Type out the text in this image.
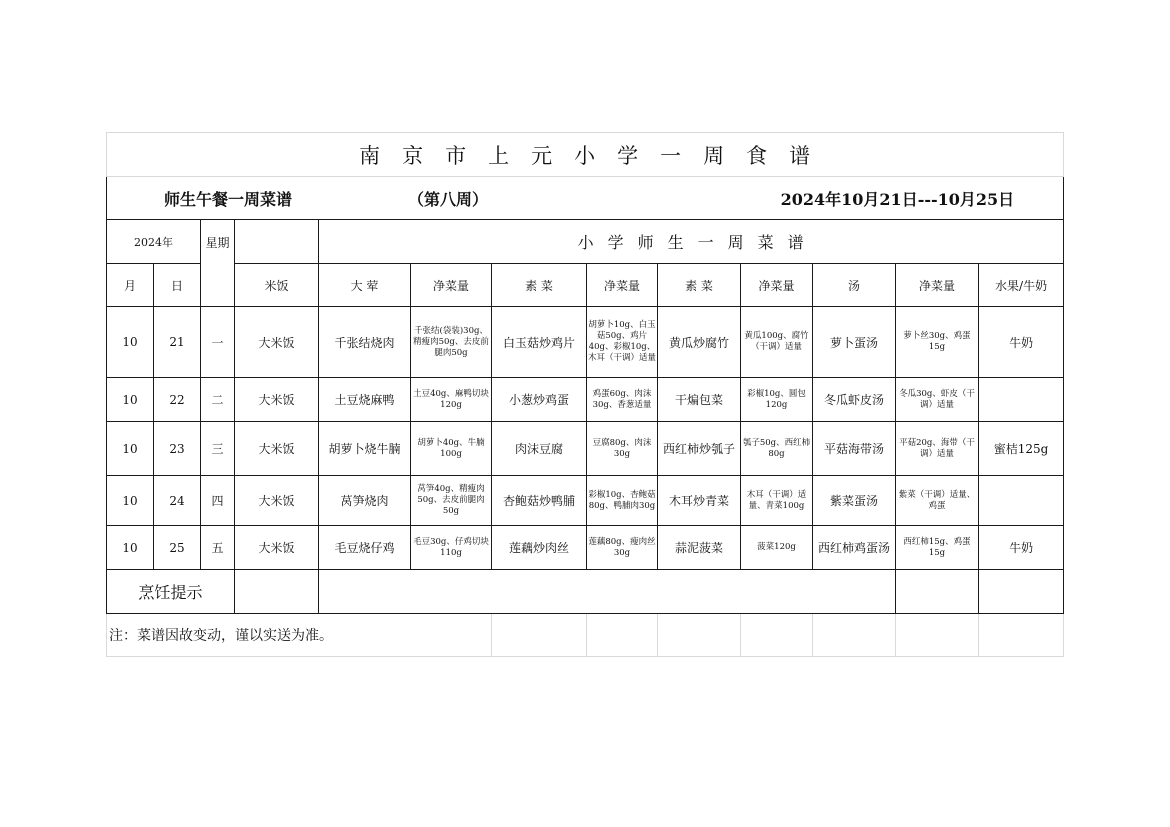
南京市上元小学一周食谱												

师生午餐一周菜谱 （第八周） 2024年10月21日---10月25日												

2024年		星期		小学师生一周菜谱								
月	日		米饭	大 荤	净菜量	素 菜	净菜量	素 菜	净菜量	汤	净菜量	水果/牛奶
10	21	一	大米饭	千张结烧肉	千张结(袋装)30g、精瘦肉50g、去皮前腿肉50g	白玉菇炒鸡片	胡萝卜10g、白玉菇50g、鸡片40g、彩椒10g、木耳（干调）适量	黄瓜炒腐竹	黄瓜100g、腐竹（干调）适量	萝卜蛋汤	萝卜丝30g、鸡蛋15g	牛奶
10	22	二	大米饭	土豆烧麻鸭	土豆40g、麻鸭切块120g	小葱炒鸡蛋	鸡蛋60g、肉沫30g、香葱适量	干煸包菜	彩椒10g、圆包120g	冬瓜虾皮汤	冬瓜30g、虾皮（干调）适量	
10	23	三	大米饭	胡萝卜烧牛腩	胡萝卜40g、牛腩100g	肉沫豆腐	豆腐80g、肉沫30g	西红柿炒瓠子	瓠子50g、西红柿80g	平菇海带汤	平菇20g、海带（干调）适量	蜜桔125g
10	24	四	大米饭	莴笋烧肉	莴笋40g、精瘦肉50g、去皮前腿肉50g	杏鲍菇炒鸭脯	彩椒10g、杏鲍菇80g、鸭脯肉30g	木耳炒青菜	木耳（干调）适量、青菜100g	紫菜蛋汤	紫菜（干调）适量、鸡蛋	
10	25	五	大米饭	毛豆烧仔鸡	毛豆30g、仔鸡切块110g	莲藕炒肉丝	莲藕80g、瘦肉丝30g	蒜泥菠菜	菠菜120g	西红柿鸡蛋汤	西红柿15g、鸡蛋15g	牛奶
烹饪提示												
注：菜谱因故变动，谨以实送为准。												
